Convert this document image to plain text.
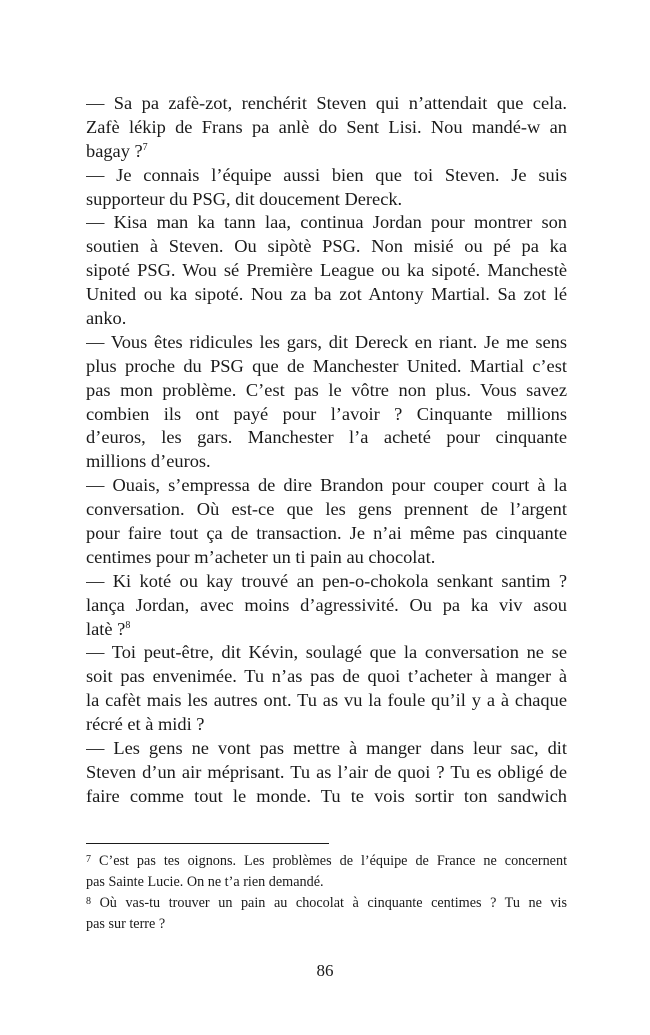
— Sa pa zafè-zot, renchérit Steven qui n’attendait que cela.
Zafè lékip de Frans pa anlè do Sent Lisi. Nou mandé-w an
bagay ?$^7$
— Je connais l’équipe aussi bien que toi Steven. Je suis
supporteur du PSG, dit doucement Dereck.
— Kisa man ka tann laa, continua Jordan pour montrer son
soutien à Steven. Ou sipòtè PSG. Non misié ou pé pa ka
sipoté PSG. Wou sé Première League ou ka sipoté. Manchestè
United ou ka sipoté. Nou za ba zot Antony Martial. Sa zot lé
anko.
— Vous êtes ridicules les gars, dit Dereck en riant. Je me sens
plus proche du PSG que de Manchester United. Martial c’est
pas mon problème. C’est pas le vôtre non plus. Vous savez
combien ils ont payé pour l’avoir ? Cinquante millions
d’euros, les gars. Manchester l’a acheté pour cinquante
millions d’euros.
— Ouais, s’empressa de dire Brandon pour couper court à la
conversation. Où est-ce que les gens prennent de l’argent
pour faire tout ça de transaction. Je n’ai même pas cinquante
centimes pour m’acheter un ti pain au chocolat.
— Ki koté ou kay trouvé an pen-o-chokola senkant santim ?
lança Jordan, avec moins d’agressivité. Ou pa ka viv asou
latè ?$^8$
— Toi peut-être, dit Kévin, soulagé que la conversation ne se
soit pas envenimée. Tu n’as pas de quoi t’acheter à manger à
la cafèt mais les autres ont. Tu as vu la foule qu’il y a à chaque
récré et à midi ?
— Les gens ne vont pas mettre à manger dans leur sac, dit
Steven d’un air méprisant. Tu as l’air de quoi ? Tu es obligé de
faire comme tout le monde. Tu te vois sortir ton sandwich
$^7$ C’est pas tes oignons. Les problèmes de l’équipe de France ne concernent
pas Sainte Lucie. On ne t’a rien demandé.
$^8$ Où vas-tu trouver un pain au chocolat à cinquante centimes ? Tu ne vis
pas sur terre ?
86
